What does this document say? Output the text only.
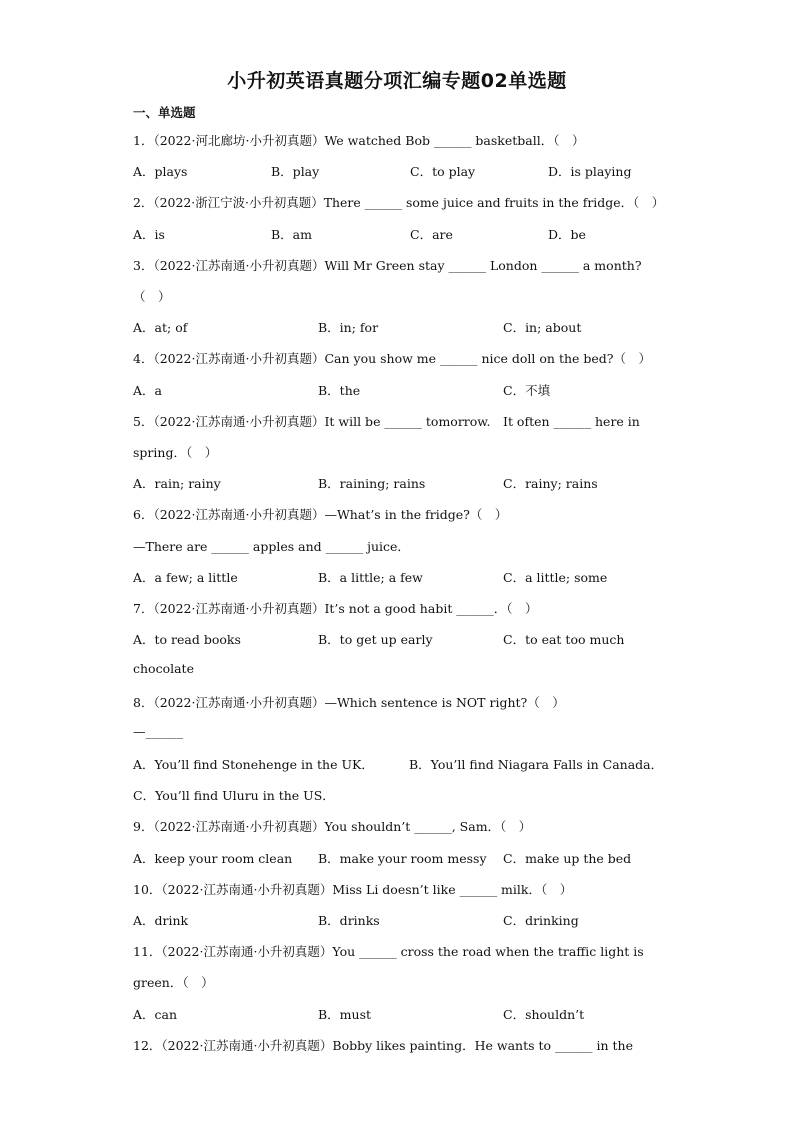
小升初英语真题分项汇编专题02单选题
一、单选题
1．（2022·河北廊坊·小升初真题）We watched Bob ______ basketball．（　）
A．plays	B．play	C．to play	D．is playing
2．（2022·浙江宁波·小升初真题）There ______ some juice and fruits in the fridge．（　）
A．is	B．am	C．are	D．be
3．（2022·江苏南通·小升初真题）Will Mr Green stay ______ London ______ a month?
（　）
A．at; of	B．in; for	C．in; about
4．（2022·江苏南通·小升初真题）Can you show me ______ nice doll on the bed?（　）
A．a	B．the	C．不填
5．（2022·江苏南通·小升初真题）It will be ______ tomorrow.　It often ______ here in
spring．（　）
A．rain; rainy	B．raining; rains	C．rainy; rains
6．（2022·江苏南通·小升初真题）—What’s in the fridge?（　）
—There are ______ apples and ______ juice．
A．a few; a little	B．a little; a few	C．a little; some
7．（2022·江苏南通·小升初真题）It’s not a good habit ______．（　）
A．to read books	B．to get up early	C．to eat too much
chocolate
8．（2022·江苏南通·小升初真题）—Which sentence is NOT right?（　）
—______
A．You’ll find Stonehenge in the UK．	B．You’ll find Niagara Falls in Canada．
C．You’ll find Uluru in the US．
9．（2022·江苏南通·小升初真题）You shouldn’t ______, Sam．（　）
A．keep your room clean B．make your room messy C．make up the bed
10．（2022·江苏南通·小升初真题）Miss Li doesn’t like ______ milk．（　）
A．drink	B．drinks	C．drinking
11．（2022·江苏南通·小升初真题）You ______ cross the road when the traffic light is
green．（　）
A．can	B．must	C．shouldn’t
12．（2022·江苏南通·小升初真题）Bobby likes painting．He wants to ______ in the
